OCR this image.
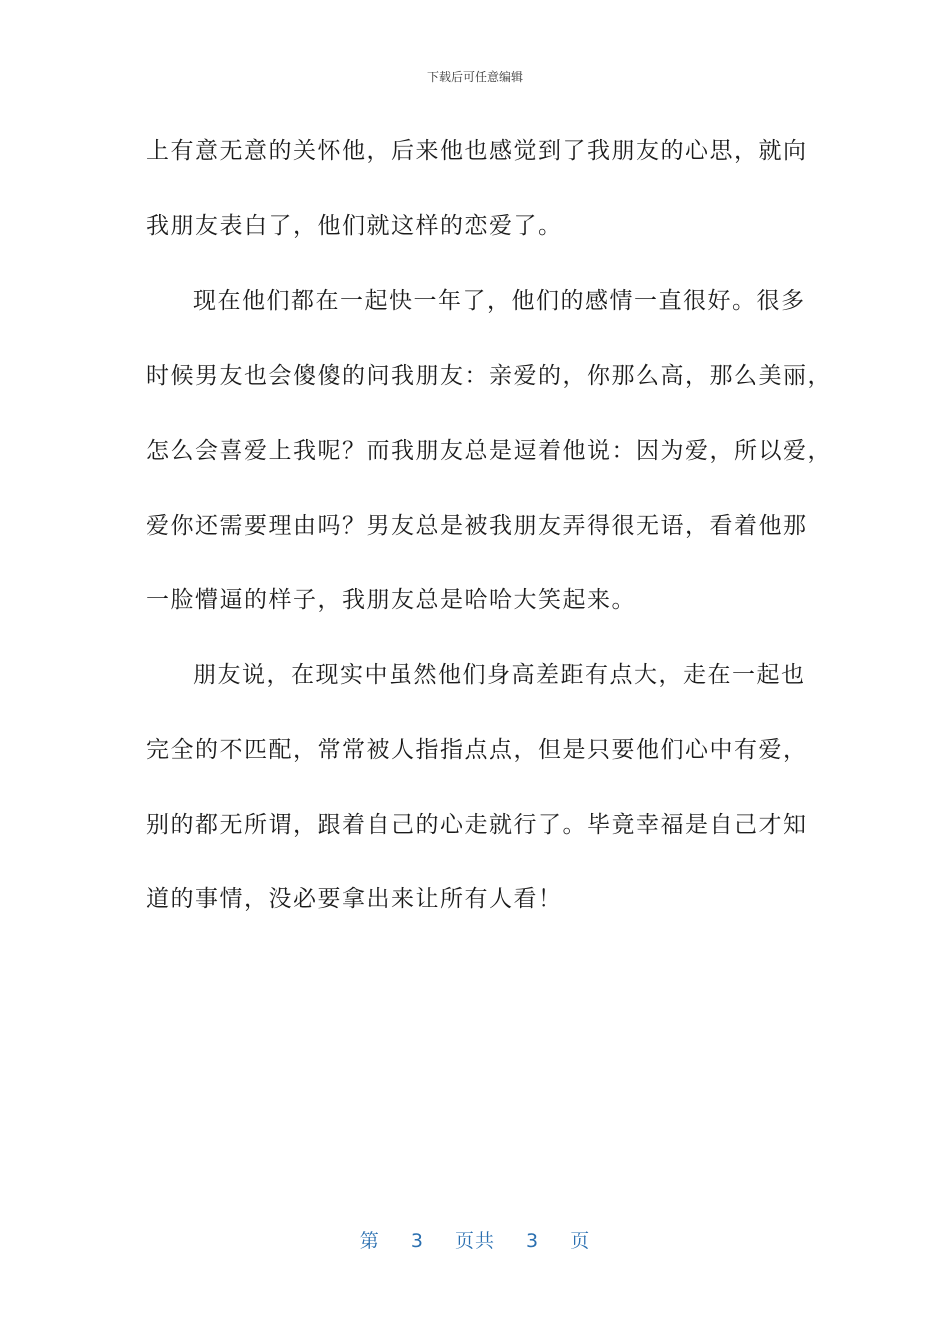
下载后可任意编辑
上有意无意的关怀他，后来他也感觉到了我朋友的心思，就向
我朋友表白了，他们就这样的恋爱了。
现在他们都在一起快一年了，他们的感情一直很好。很多
时候男友也会傻傻的问我朋友：亲爱的，你那么高，那么美丽，
怎么会喜爱上我呢？而我朋友总是逗着他说：因为爱，所以爱，
爱你还需要理由吗？男友总是被我朋友弄得很无语，看着他那
一脸懵逼的样子，我朋友总是哈哈大笑起来。
朋友说，在现实中虽然他们身高差距有点大，走在一起也
完全的不匹配，常常被人指指点点，但是只要他们心中有爱，
别的都无所谓，跟着自己的心走就行了。毕竟幸福是自己才知
道的事情，没必要拿出来让所有人看！
第 3 页共 3 页
